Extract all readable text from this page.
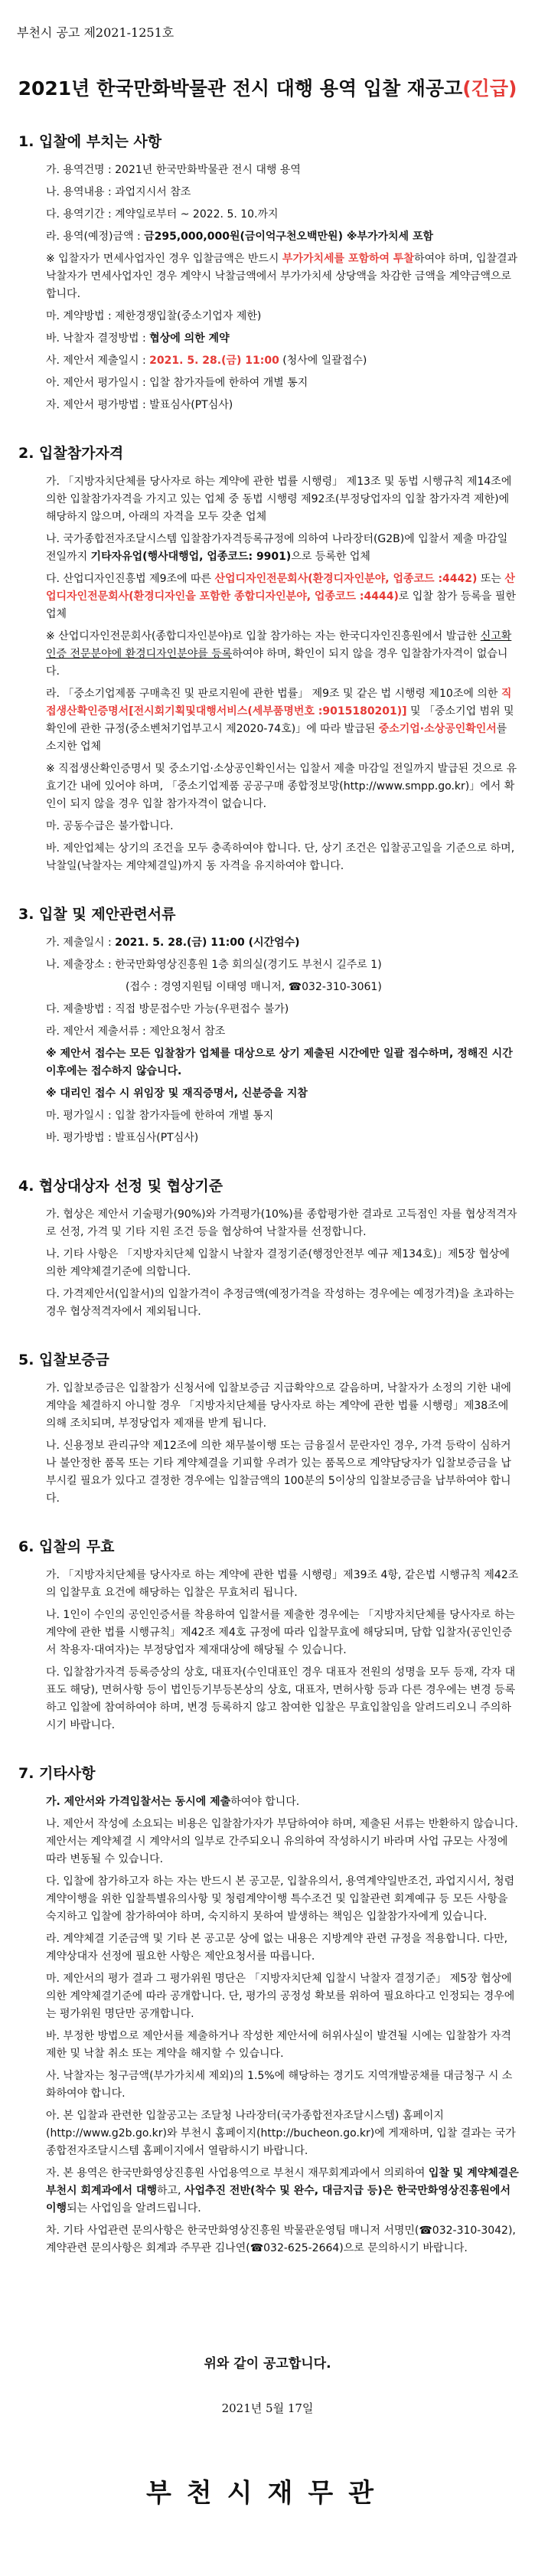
부천시 공고 제2021-1251호
2021년 한국만화박물관 전시 대행 용역 입찰 재공고(긴급)
1. 입찰에 부치는 사항
가. 용역건명 : 2021년 한국만화박물관 전시 대행 용역
나. 용역내용 : 과업지시서 참조
다. 용역기간 : 계약일로부터 ~ 2022. 5. 10.까지
라. 용역(예정)금액 : 금295,000,000원(금이억구천오백만원) ※부가가치세 포함
※ 입찰자가 면세사업자인 경우 입찰금액은 반드시 부가가치세를 포함하여 투찰하여야 하며, 입찰결과 낙찰자가 면세사업자인 경우 계약시 낙찰금액에서 부가가치세 상당액을 차감한 금액을 계약금액으로 합니다.
마. 계약방법 : 제한경쟁입찰(중소기업자 제한)
바. 낙찰자 결정방법 : 협상에 의한 계약
사. 제안서 제출일시 : 2021. 5. 28.(금) 11:00 (청사에 일괄접수)
아. 제안서 평가일시 : 입찰 참가자들에 한하여 개별 통지
자. 제안서 평가방법 : 발표심사(PT심사)
2. 입찰참가자격
가. 「지방자치단체를 당사자로 하는 계약에 관한 법률 시행령」 제13조 및 동법 시행규칙 제14조에 의한 입찰참가자격을 가지고 있는 업체 중 동법 시행령 제92조(부정당업자의 입찰 참가자격 제한)에 해당하지 않으며, 아래의 자격을 모두 갖춘 업체
나. 국가종합전자조달시스템 입찰참가자격등록규정에 의하여 나라장터(G2B)에 입찰서 제출 마감일 전일까지 기타자유업(행사대행업, 업종코드: 9901)으로 등록한 업체
다. 산업디자인진흥법 제9조에 따른 산업디자인전문회사(환경디자인분야, 업종코드 :4442) 또는 산업디자인전문회사(환경디자인을 포함한 종합디자인분야, 업종코드 :4444)로 입찰 참가 등록을 필한 업체
※ 산업디자인전문회사(종합디자인분야)로 입찰 참가하는 자는 한국디자인진흥원에서 발급한 신고확인증 전문분야에 환경디자인분야를 등록하여야 하며, 확인이 되지 않을 경우 입찰참가자격이 없습니다.
라. 「중소기업제품 구매촉진 및 판로지원에 관한 법률」 제9조 및 같은 법 시행령 제10조에 의한 직접생산확인증명서[전시회기획및대행서비스(세부품명번호 :9015180201)] 및 「중소기업 범위 및 확인에 관한 규정(중소벤처기업부고시 제2020-74호)」에 따라 발급된 중소기업·소상공인확인서를 소지한 업체
※ 직접생산확인증명서 및 중소기업·소상공인확인서는 입찰서 제출 마감일 전일까지 발급된 것으로 유효기간 내에 있어야 하며, 「중소기업제품 공공구매 종합정보망(http://www.smpp.go.kr)」에서 확인이 되지 않을 경우 입찰 참가자격이 없습니다.
마. 공동수급은 불가합니다.
바. 제안업체는 상기의 조건을 모두 충족하여야 합니다. 단, 상기 조건은 입찰공고일을 기준으로 하며, 낙찰일(낙찰자는 계약체결일)까지 동 자격을 유지하여야 합니다.
3. 입찰 및 제안관련서류
가. 제출일시 : 2021. 5. 28.(금) 11:00 (시간엄수)
나. 제출장소 : 한국만화영상진흥원 1층 회의실(경기도 부천시 길주로 1)
(접수 : 경영지원팀 이태영 매니저, ☎032-310-3061)
다. 제출방법 : 직접 방문접수만 가능(우편접수 불가)
라. 제안서 제출서류 : 제안요청서 참조
※ 제안서 접수는 모든 입찰참가 업체를 대상으로 상기 제출된 시간에만 일괄 접수하며, 정해진 시간 이후에는 접수하지 않습니다.
※ 대리인 접수 시 위임장 및 재직증명서, 신분증을 지참
마. 평가일시 : 입찰 참가자들에 한하여 개별 통지
바. 평가방법 : 발표심사(PT심사)
4. 협상대상자 선정 및 협상기준
가. 협상은 제안서 기술평가(90%)와 가격평가(10%)를 종합평가한 결과로 고득점인 자를 협상적격자로 선정, 가격 및 기타 지원 조건 등을 협상하여 낙찰자를 선정합니다.
나. 기타 사항은 「지방자치단체 입찰시 낙찰자 결정기준(행정안전부 예규 제134호)」제5장 협상에 의한 계약체결기준에 의합니다.
다. 가격제안서(입찰서)의 입찰가격이 추정금액(예정가격을 작성하는 경우에는 예정가격)을 초과하는 경우 협상적격자에서 제외됩니다.
5. 입찰보증금
가. 입찰보증금은 입찰참가 신청서에 입찰보증금 지급확약으로 갈음하며, 낙찰자가 소정의 기한 내에 계약을 체결하지 아니할 경우 「지방자치단체를 당사자로 하는 계약에 관한 법률 시행령」제38조에 의해 조치되며, 부정당업자 제재를 받게 됩니다.
나. 신용정보 관리규약 제12조에 의한 채무불이행 또는 금융질서 문란자인 경우, 가격 등락이 심하거나 불안정한 품목 또는 기타 계약체결을 기피할 우려가 있는 품목으로 계약담당자가 입찰보증금을 납부시킬 필요가 있다고 결정한 경우에는 입찰금액의 100분의 5이상의 입찰보증금을 납부하여야 합니다.
6. 입찰의 무효
가. 「지방자치단체를 당사자로 하는 계약에 관한 법률 시행령」제39조 4항, 같은법 시행규칙 제42조의 입찰무효 요건에 해당하는 입찰은 무효처리 됩니다.
나. 1인이 수인의 공인인증서를 착용하여 입찰서를 제출한 경우에는 「지방자치단체를 당사자로 하는 계약에 관한 법률 시행규칙」제42조 제4호 규정에 따라 입찰무효에 해당되며, 담합 입찰자(공인인증서 착용자·대여자)는 부정당업자 제재대상에 해당될 수 있습니다.
다. 입찰참가자격 등록증상의 상호, 대표자(수인대표인 경우 대표자 전원의 성명을 모두 등재, 각자 대표도 해당), 면허사항 등이 법인등기부등본상의 상호, 대표자, 면허사항 등과 다른 경우에는 변경 등록하고 입찰에 참여하여야 하며, 변경 등록하지 않고 참여한 입찰은 무효입찰임을 알려드리오니 주의하시기 바랍니다.
7. 기타사항
가. 제안서와 가격입찰서는 동시에 제출하여야 합니다.
나. 제안서 작성에 소요되는 비용은 입찰참가자가 부담하여야 하며, 제출된 서류는 반환하지 않습니다. 제안서는 계약체결 시 계약서의 일부로 간주되오니 유의하여 작성하시기 바라며 사업 규모는 사정에 따라 변동될 수 있습니다.
다. 입찰에 참가하고자 하는 자는 반드시 본 공고문, 입찰유의서, 용역계약일반조건, 과업지시서, 청렴계약이행을 위한 입찰특별유의사항 및 청렴계약이행 특수조건 및 입찰관련 회계예규 등 모든 사항을 숙지하고 입찰에 참가하여야 하며, 숙지하지 못하여 발생하는 책임은 입찰참가자에게 있습니다.
라. 계약체결 기준금액 및 기타 본 공고문 상에 없는 내용은 지방계약 관련 규정을 적용합니다. 다만, 계약상대자 선정에 필요한 사항은 제안요청서를 따릅니다.
마. 제안서의 평가 결과 그 평가위원 명단은 「지방자치단체 입찰시 낙찰자 결정기준」 제5장 협상에 의한 계약체결기준에 따라 공개합니다. 단, 평가의 공정성 확보를 위하여 필요하다고 인정되는 경우에는 평가위원 명단만 공개합니다.
바. 부정한 방법으로 제안서를 제출하거나 작성한 제안서에 허위사실이 발견될 시에는 입찰참가 자격 제한 및 낙찰 취소 또는 계약을 해지할 수 있습니다.
사. 낙찰자는 청구금액(부가가치세 제외)의 1.5%에 해당하는 경기도 지역개발공채를 대금청구 시 소화하여야 합니다.
아. 본 입찰과 관련한 입찰공고는 조달청 나라장터(국가종합전자조달시스템) 홈페이지(http://www.g2b.go.kr)와 부천시 홈페이지(http://bucheon.go.kr)에 게재하며, 입찰 결과는 국가종합전자조달시스템 홈페이지에서 열람하시기 바랍니다.
자. 본 용역은 한국만화영상진흥원 사업용역으로 부천시 재무회계과에서 의뢰하여 입찰 및 계약체결은 부천시 회계과에서 대행하고, 사업추진 전반(착수 및 완수, 대금지급 등)은 한국만화영상진흥원에서 이행되는 사업임을 알려드립니다.
차. 기타 사업관련 문의사항은 한국만화영상진흥원 박물관운영팀 매니저 서명민(☎032-310-3042), 계약관련 문의사항은 회계과 주무관 김나연(☎032-625-2664)으로 문의하시기 바랍니다.
위와 같이 공고합니다.
2021년 5월 17일
부천시재무관
